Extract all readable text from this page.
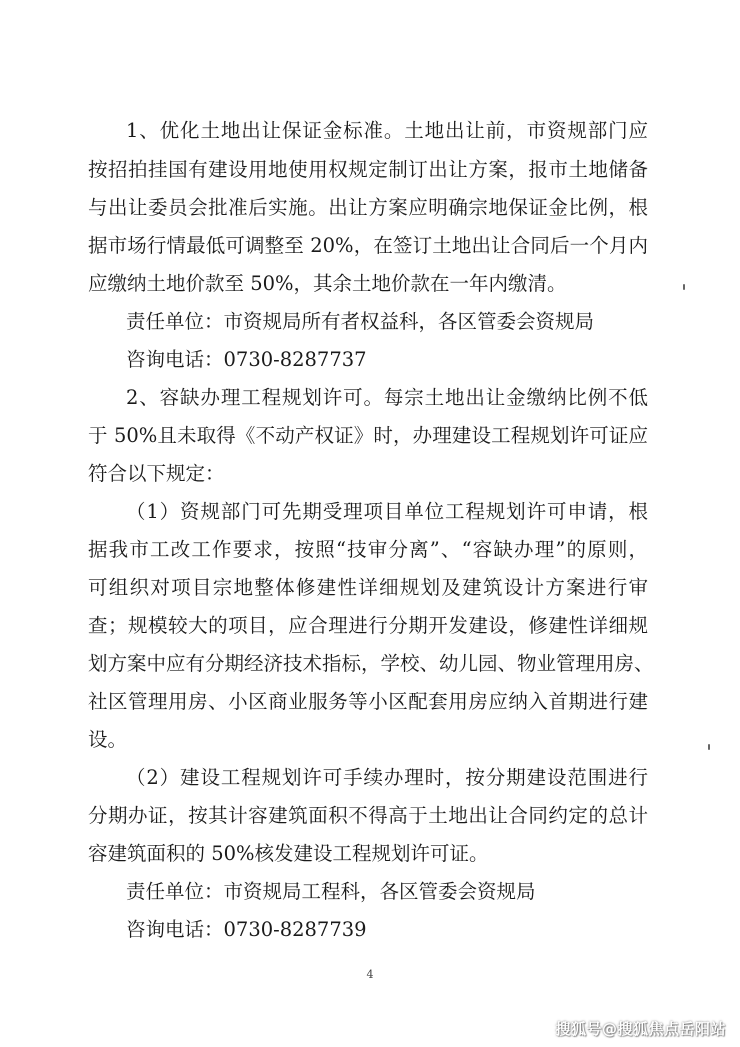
1、优化土地出让保证金标准。土地出让前，市资规部门应
按招拍挂国有建设用地使用权规定制订出让方案，报市土地储备
与出让委员会批准后实施。出让方案应明确宗地保证金比例，根
据市场行情最低可调整至 20%，在签订土地出让合同后一个月内
应缴纳土地价款至 50%，其余土地价款在一年内缴清。
责任单位：市资规局所有者权益科，各区管委会资规局
咨询电话：0730-8287737
2、容缺办理工程规划许可。每宗土地出让金缴纳比例不低
于 50%且未取得《不动产权证》时，办理建设工程规划许可证应
符合以下规定：
（1）资规部门可先期受理项目单位工程规划许可申请，根
据我市工改工作要求，按照“技审分离”、“容缺办理”的原则，
可组织对项目宗地整体修建性详细规划及建筑设计方案进行审
查；规模较大的项目，应合理进行分期开发建设，修建性详细规
划方案中应有分期经济技术指标，学校、幼儿园、物业管理用房、
社区管理用房、小区商业服务等小区配套用房应纳入首期进行建
设。
（2）建设工程规划许可手续办理时，按分期建设范围进行
分期办证，按其计容建筑面积不得高于土地出让合同约定的总计
容建筑面积的 50%核发建设工程规划许可证。
责任单位：市资规局工程科，各区管委会资规局
咨询电话：0730-8287739
4
搜狐号@搜狐焦点岳阳站
